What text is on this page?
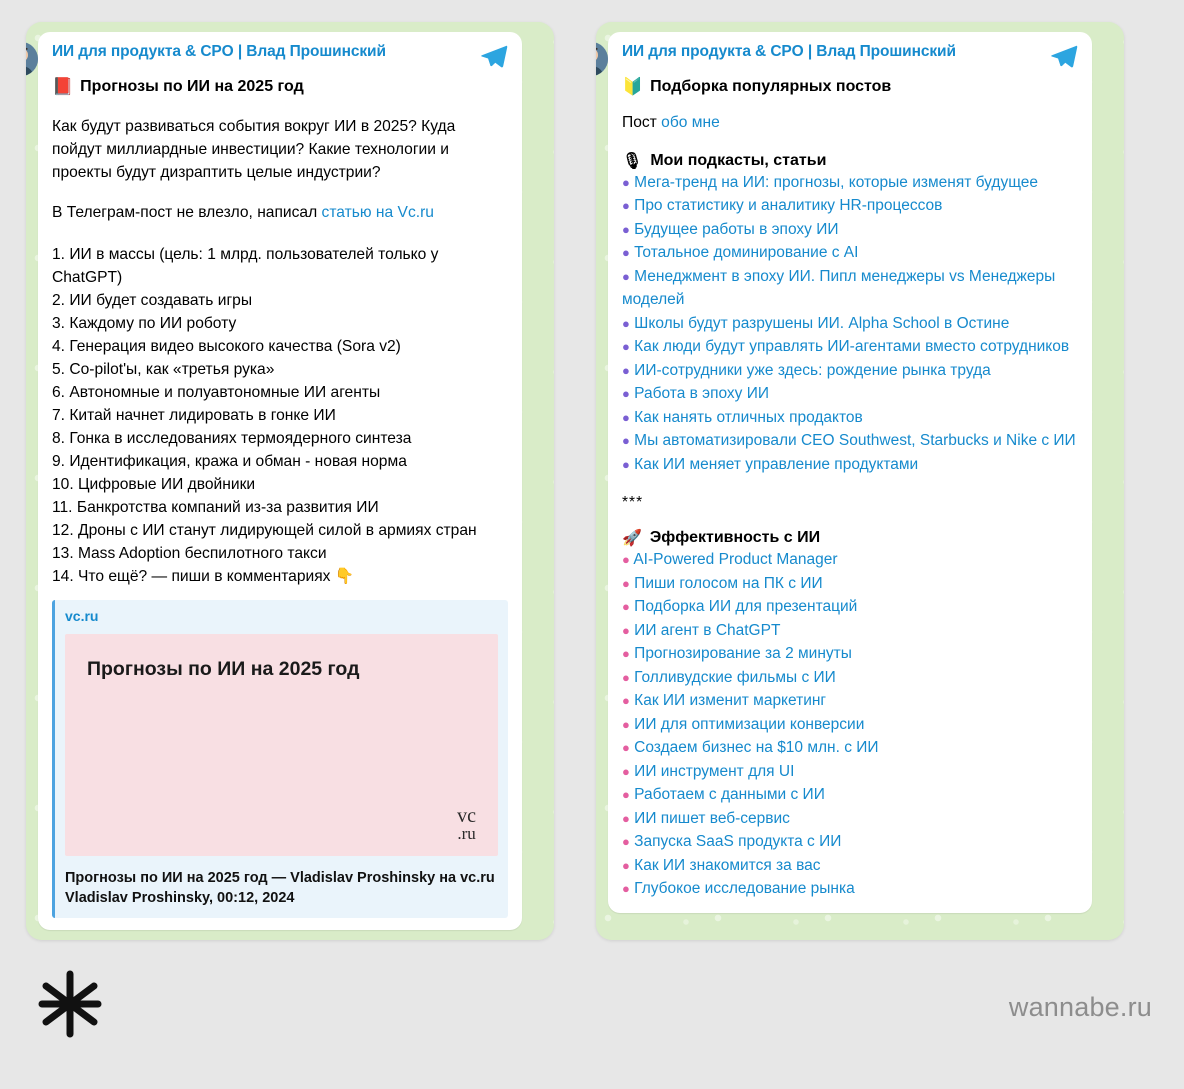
ИИ для продукта & CPO | Влад Прошинский
📕 Прогнозы по ИИ на 2025 год
Как будут развиваться события вокруг ИИ в 2025? Куда пойдут миллиардные инвестиции? Какие технологии и проекты будут дизраптить целые индустрии?
В Телеграм-пост не влезло, написал статью на Vc.ru
1. ИИ в массы (цель: 1 млрд. пользователей только у ChatGPT)
2. ИИ будет создавать игры
3. Каждому по ИИ роботу
4. Генерация видео высокого качества (Sora v2)
5. Co-pilot'ы, как «третья рука»
6. Автономные и полуавтономные ИИ агенты
7. Китай начнет лидировать в гонке ИИ
8. Гонка в исследованиях термоядерного синтеза
9. Идентификация, кража и обман - новая норма
10. Цифровые ИИ двойники
11. Банкротства компаний из-за развития ИИ
12. Дроны с ИИ станут лидирующей силой в армиях стран
13. Mass Adoption беспилотного такси
14. Что ещё? — пиши в комментариях 👇
vc.ru
Прогнозы по ИИ на 2025 год
vc
.ru
Прогнозы по ИИ на 2025 год — Vladislav Proshinsky на vc.ru
Vladislav Proshinsky, 00:12, 2024
ИИ для продукта & CPO | Влад Прошинский
🔰 Подборка популярных постов
Пост обо мне
🎙 Мои подкасты, статьи
● Мега-тренд на ИИ: прогнозы, которые изменят будущее
● Про статистику и аналитику HR-процессов
● Будущее работы в эпоху ИИ
● Тотальное доминирование с AI
● Менеджмент в эпоху ИИ. Пипл менеджеры vs Менеджеры моделей
● Школы будут разрушены ИИ. Alpha School в Остине
● Как люди будут управлять ИИ-агентами вместо сотрудников
● ИИ-сотрудники уже здесь: рождение рынка труда
● Работа в эпоху ИИ
● Как нанять отличных продактов
● Мы автоматизировали CEO Southwest, Starbucks и Nike с ИИ
● Как ИИ меняет управление продуктами
***
🚀 Эффективность с ИИ
● AI-Powered Product Manager
● Пиши голосом на ПК с ИИ
● Подборка ИИ для презентаций
● ИИ агент в ChatGPT
● Прогнозирование за 2 минуты
● Голливудские фильмы с ИИ
● Как ИИ изменит маркетинг
● ИИ для оптимизации конверсии
● Создаем бизнес на $10 млн. с ИИ
● ИИ инструмент для UI
● Работаем с данными с ИИ
● ИИ пишет веб-сервис
● Запуска SaaS продукта с ИИ
● Как ИИ знакомится за вас
● Глубокое исследование рынка
wannabe.ru
